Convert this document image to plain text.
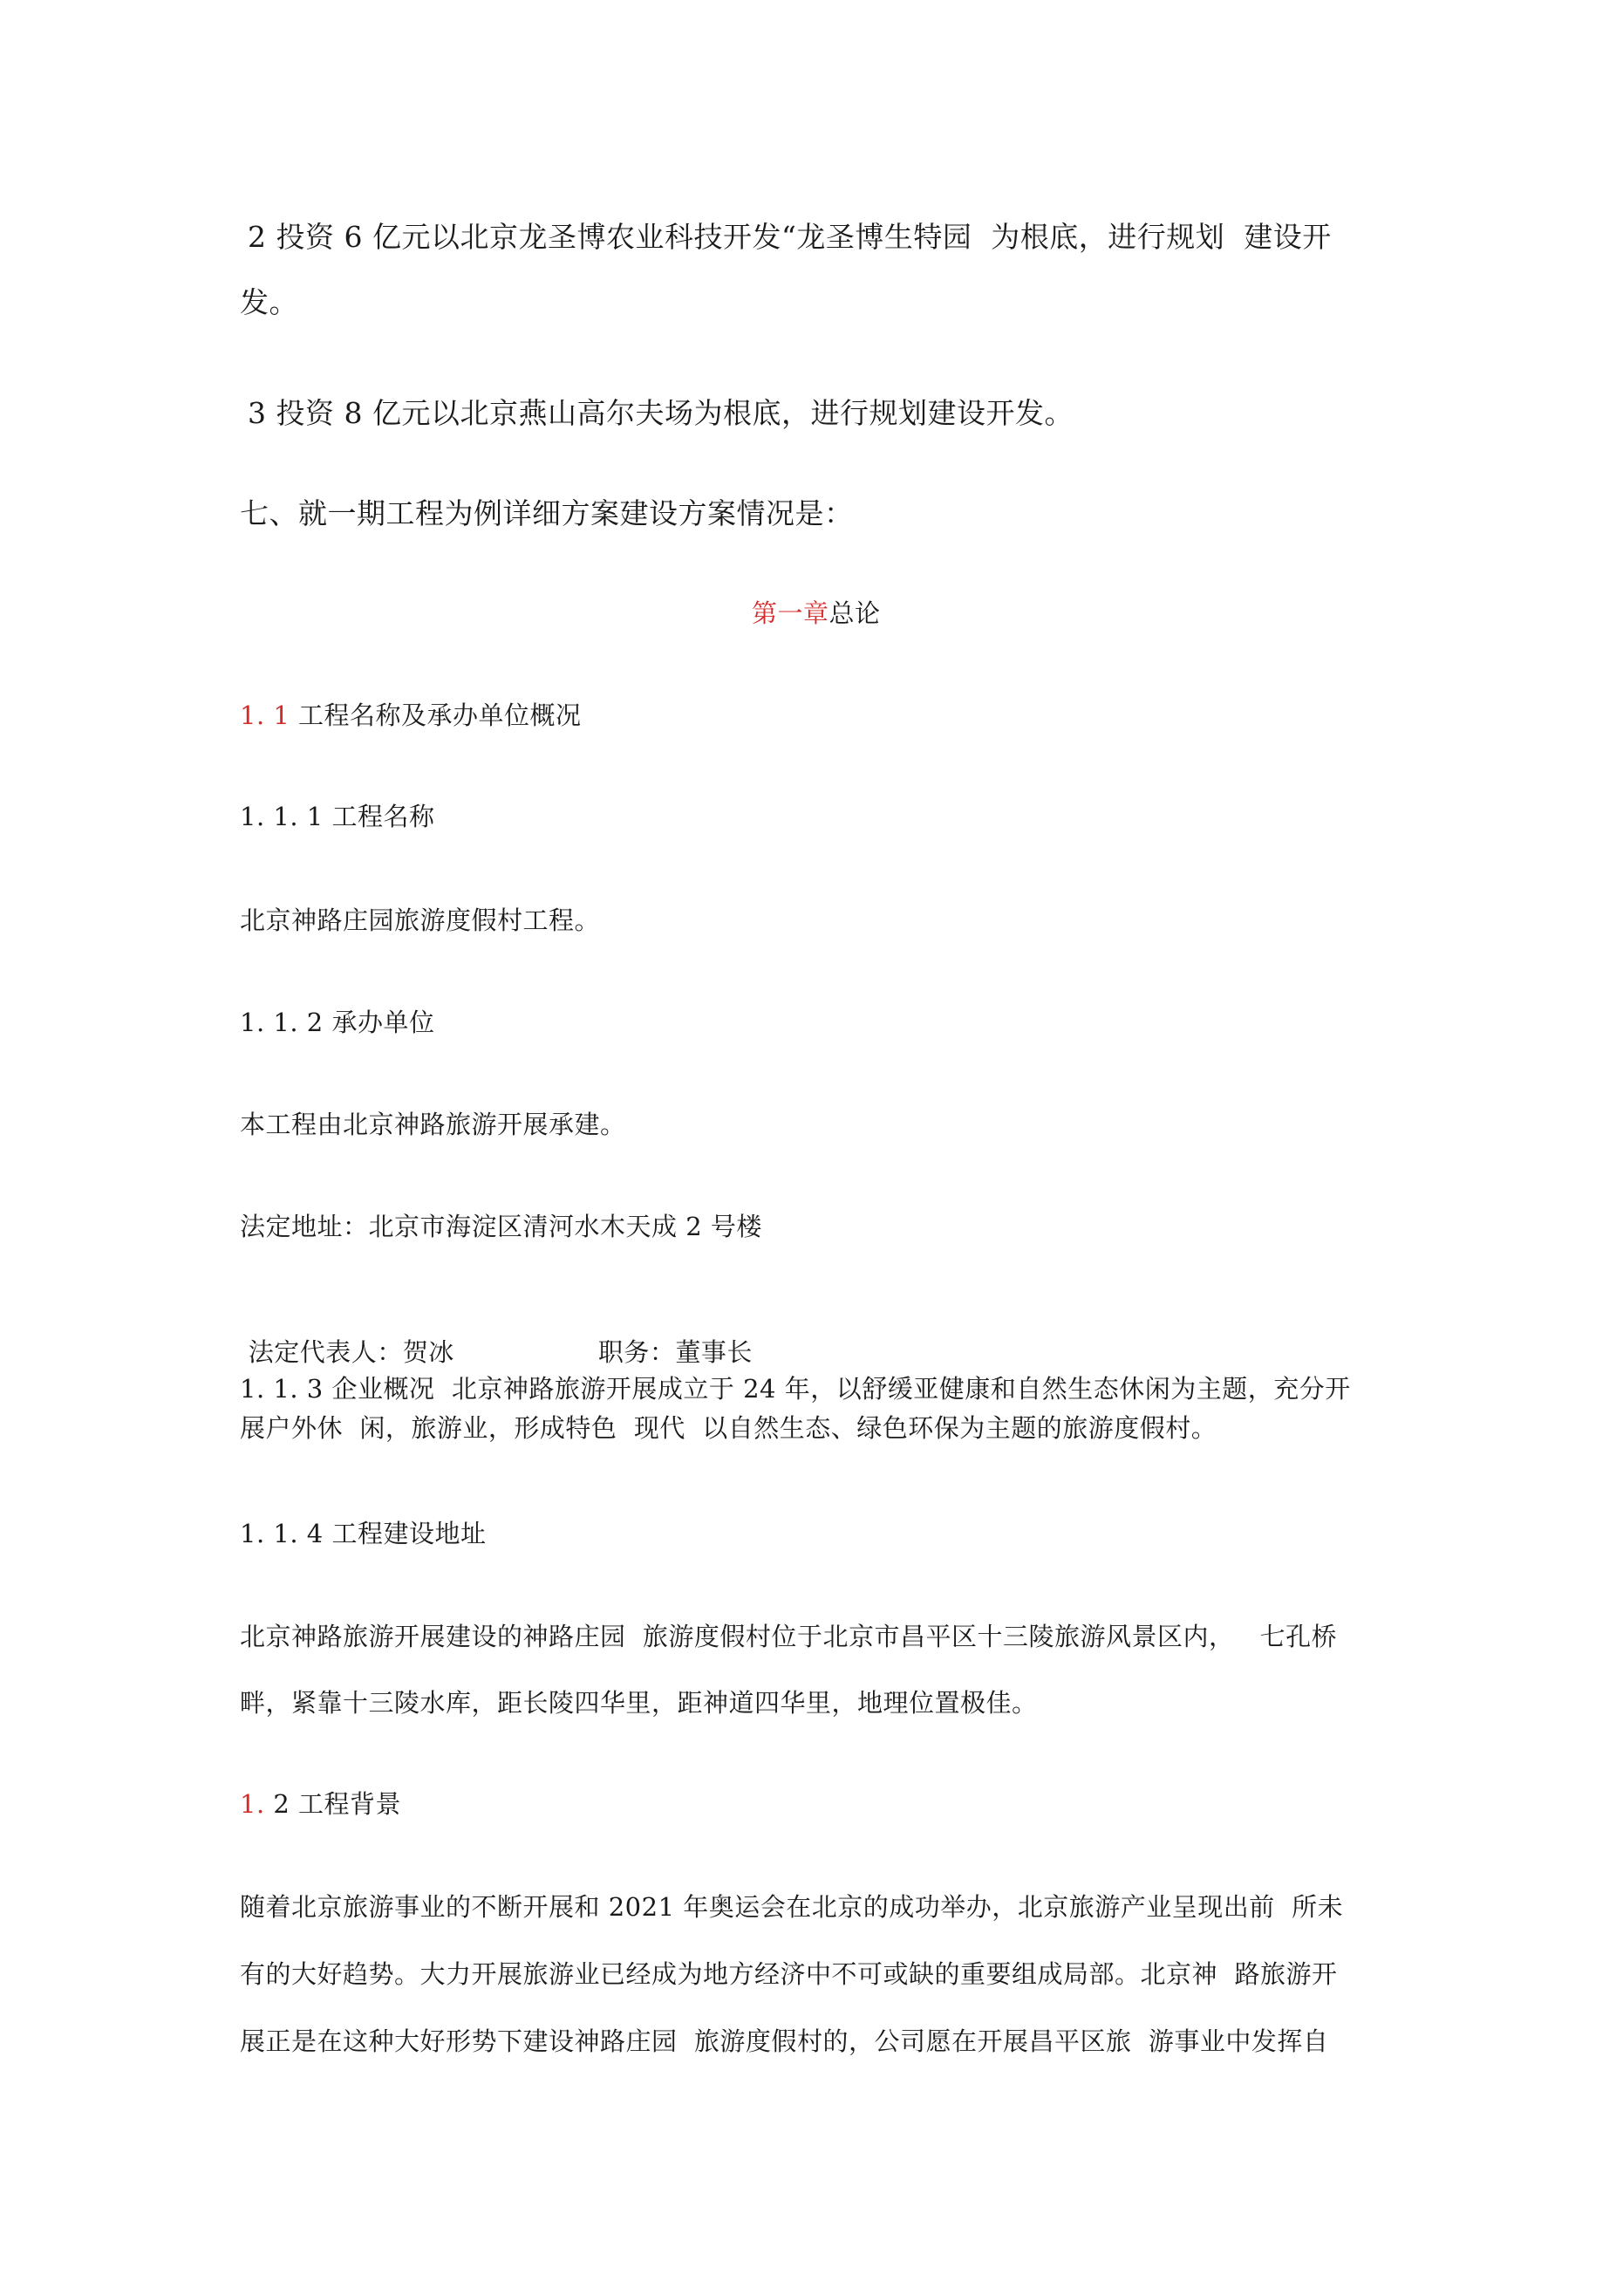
2 投资 6 亿元以北京龙圣博农业科技开发“龙圣博生特园  为根底，进行规划  建设开

发。

3 投资 8 亿元以北京燕山高尔夫场为根底，进行规划建设开发。

七、就一期工程为例详细方案建设方案情况是：

第一章总论

1. 1 工程名称及承办单位概况

1. 1. 1 工程名称

北京神路庄园旅游度假村工程。

1. 1. 2 承办单位

本工程由北京神路旅游开展承建。

法定地址：北京市海淀区清河水木天成 2 号楼

法定代表人：贺冰                 职务：董事长

1. 1. 3 企业概况  北京神路旅游开展成立于 24 年，以舒缓亚健康和自然生态休闲为主题，充分开

展户外休  闲，旅游业，形成特色  现代  以自然生态、绿色环保为主题的旅游度假村。

1. 1. 4 工程建设地址

北京神路旅游开展建设的神路庄园  旅游度假村位于北京市昌平区十三陵旅游风景区内，   七孔桥

畔，紧靠十三陵水库，距长陵四华里，距神道四华里，地理位置极佳。

1. 2 工程背景

随着北京旅游事业的不断开展和 2021 年奥运会在北京的成功举办，北京旅游产业呈现出前  所未

有的大好趋势。大力开展旅游业已经成为地方经济中不可或缺的重要组成局部。北京神  路旅游开

展正是在这种大好形势下建设神路庄园  旅游度假村的，公司愿在开展昌平区旅  游事业中发挥自
